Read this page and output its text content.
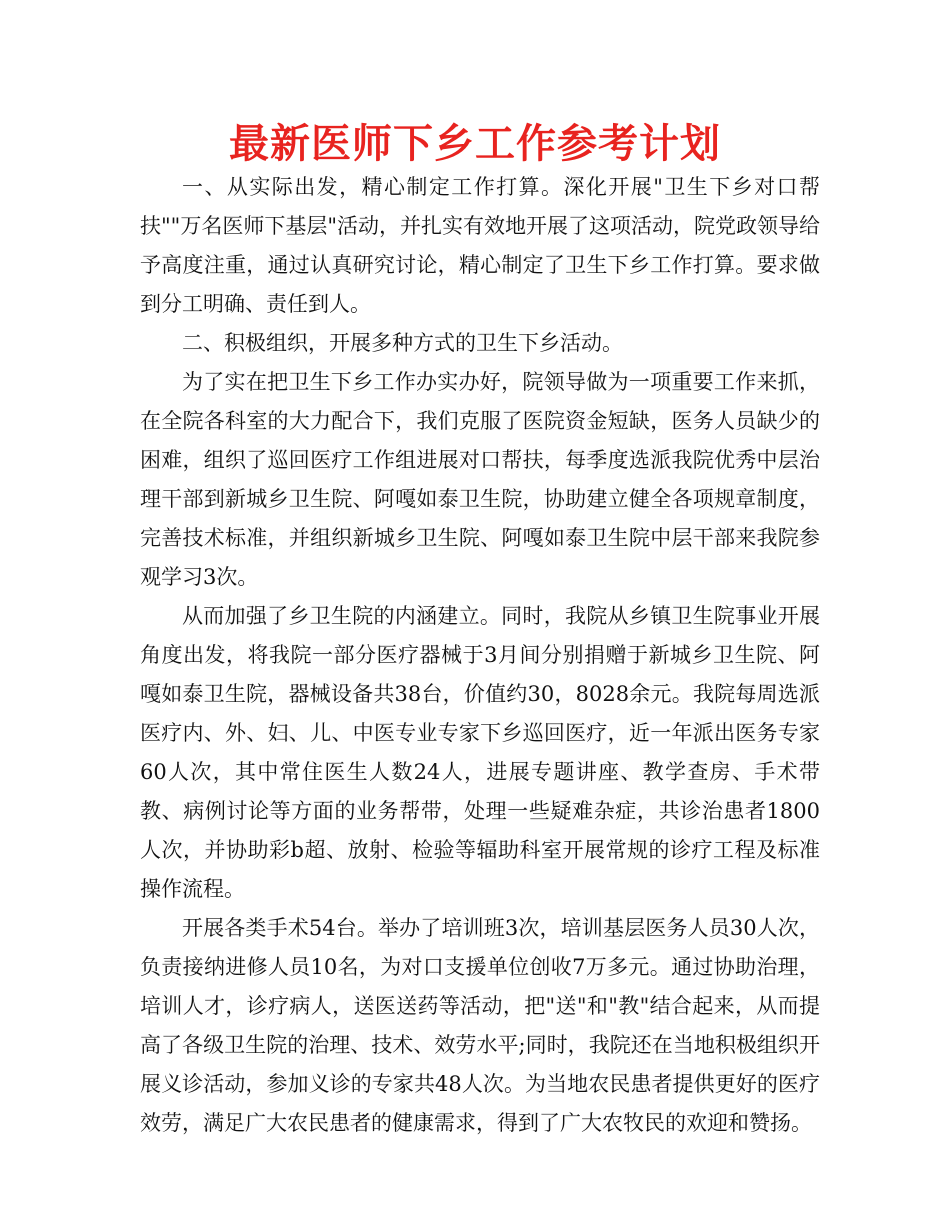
最新医师下乡工作参考计划

一、从实际出发，精心制定工作打算。深化开展"卫生下乡对口帮扶""万名医师下基层"活动，并扎实有效地开展了这项活动，院党政领导给予高度注重，通过认真研究讨论，精心制定了卫生下乡工作打算。要求做到分工明确、责任到人。

二、积极组织，开展多种方式的卫生下乡活动。

为了实在把卫生下乡工作办实办好，院领导做为一项重要工作来抓，在全院各科室的大力配合下，我们克服了医院资金短缺，医务人员缺少的困难，组织了巡回医疗工作组进展对口帮扶，每季度选派我院优秀中层治理干部到新城乡卫生院、阿嘎如泰卫生院，协助建立健全各项规章制度，完善技术标准，并组织新城乡卫生院、阿嘎如泰卫生院中层干部来我院参观学习3次。

从而加强了乡卫生院的内涵建立。同时，我院从乡镇卫生院事业开展角度出发，将我院一部分医疗器械于3月间分别捐赠于新城乡卫生院、阿嘎如泰卫生院，器械设备共38台，价值约30，8028余元。我院每周选派医疗内、外、妇、儿、中医专业专家下乡巡回医疗，近一年派出医务专家60人次，其中常住医生人数24人，进展专题讲座、教学查房、手术带教、病例讨论等方面的业务帮带，处理一些疑难杂症，共诊治患者1800人次，并协助彩b超、放射、检验等辐助科室开展常规的诊疗工程及标准操作流程。

开展各类手术54台。举办了培训班3次，培训基层医务人员30人次，负责接纳进修人员10名，为对口支援单位创收7万多元。通过协助治理，培训人才，诊疗病人，送医送药等活动，把"送"和"教"结合起来，从而提高了各级卫生院的治理、技术、效劳水平;同时，我院还在当地积极组织开展义诊活动，参加义诊的专家共48人次。为当地农民患者提供更好的医疗效劳，满足广大农民患者的健康需求，得到了广大农牧民的欢迎和赞扬。
